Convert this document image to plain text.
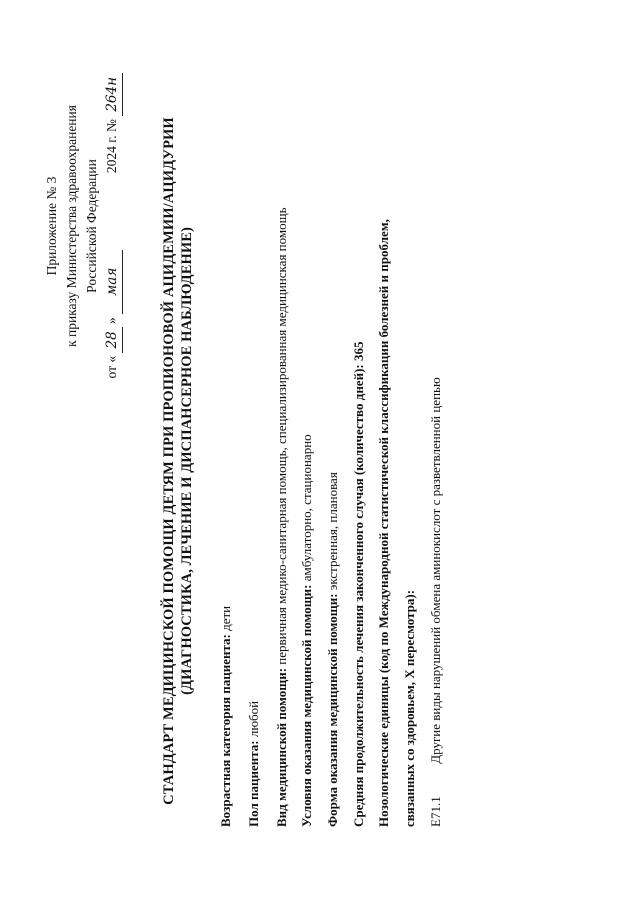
Приложение № 3 к приказу Министерства здравоохранения Российской Федерации
от « 28 » мая  2024 г. № 264н
СТАНДАРТ МЕДИЦИНСКОЙ ПОМОЩИ ДЕТЯМ ПРИ ПРОПИОНОВОЙ АЦИДЕМИИ/АЦИДУРИИ (ДИАГНОСТИКА, ЛЕЧЕНИЕ И ДИСПАНСЕРНОЕ НАБЛЮДЕНИЕ)
Возрастная категория пациента: дети
Пол пациента: любой Вид медицинской помощи: первичная медико-санитарная помощь, специализированная медицинская помощь
Условия оказания медицинской помощи: амбулаторно, стационарно
Форма оказания медицинской помощи: экстренная, плановая Средняя продолжительность лечения законченного случая (количество дней): 365 Нозологические единицы (код по Международной статистической классификации болезней и проблем, связанных со здоровьем, X пересмотра): E71.1 Другие виды нарушений обмена аминокислот с разветвленной цепью
